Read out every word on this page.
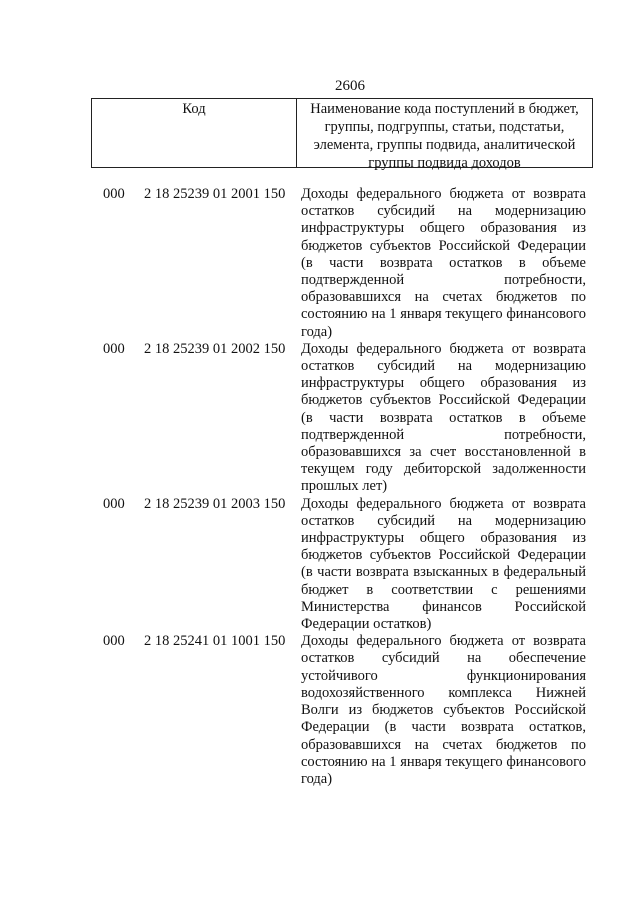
2606
Код	Наименование кода поступлений в бюджет, группы, подгруппы, статьи, подстатьи, элемента, группы подвида, аналитической группы подвида доходов
000 2 18 25239 01 2001 150 Доходы федерального бюджета от возврата остатков субсидий на модернизацию инфраструктуры общего образования из бюджетов субъектов Российской Федерации (в части возврата остатков в объеме подтвержденной потребности, образовавшихся на счетах бюджетов по состоянию на 1 января текущего финансового года)
000 2 18 25239 01 2002 150 Доходы федерального бюджета от возврата остатков субсидий на модернизацию инфраструктуры общего образования из бюджетов субъектов Российской Федерации (в части возврата остатков в объеме подтвержденной потребности, образовавшихся за счет восстановленной в текущем году дебиторской задолженности прошлых лет)
000 2 18 25239 01 2003 150 Доходы федерального бюджета от возврата остатков субсидий на модернизацию инфраструктуры общего образования из бюджетов субъектов Российской Федерации (в части возврата взысканных в федеральный бюджет в соответствии с решениями Министерства финансов Российской Федерации остатков)
000 2 18 25241 01 1001 150 Доходы федерального бюджета от возврата остатков субсидий на обеспечение устойчивого функционирования водохозяйственного комплекса Нижней Волги из бюджетов субъектов Российской Федерации (в части возврата остатков, образовавшихся на счетах бюджетов по состоянию на 1 января текущего финансового года)
